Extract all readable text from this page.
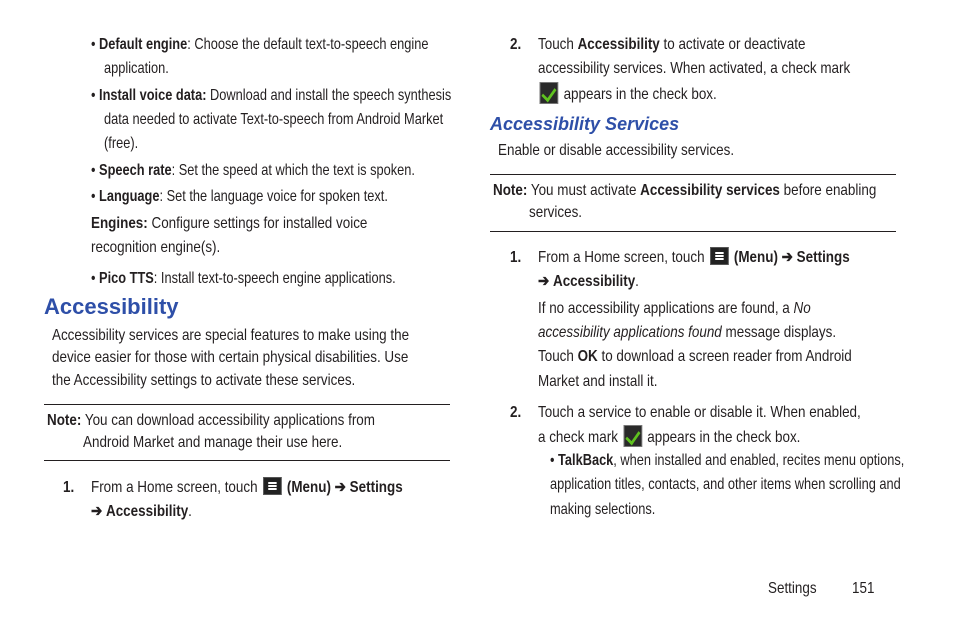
• Default engine: Choose the default text-to-speech engine
application.
• Install voice data: Download and install the speech synthesis
data needed to activate Text-to-speech from Android Market
(free).
• Speech rate: Set the speed at which the text is spoken.
• Language: Set the language voice for spoken text.
Engines: Configure settings for installed voice
recognition engine(s).
• Pico TTS: Install text-to-speech engine applications.
Accessibility
Accessibility services are special features to make using the
device easier for those with certain physical disabilities. Use
the Accessibility settings to activate these services.
Note: You can download accessibility applications from
Android Market and manage their use here.
1. From a Home screen, touch  (Menu) ➔ Settings
➔ Accessibility.
2. Touch Accessibility to activate or deactivate
accessibility services. When activated, a check mark
appears in the check box.
Accessibility Services
Enable or disable accessibility services.
Note: You must activate Accessibility services before enabling
services.
1. From a Home screen, touch  (Menu) ➔ Settings
➔ Accessibility.
If no accessibility applications are found, a No
accessibility applications found message displays.
Touch OK to download a screen reader from Android
Market and install it.
2. Touch a service to enable or disable it. When enabled,
a check mark appears in the check box.
• TalkBack, when installed and enabled, recites menu options,
application titles, contacts, and other items when scrolling and
making selections.
Settings 151
